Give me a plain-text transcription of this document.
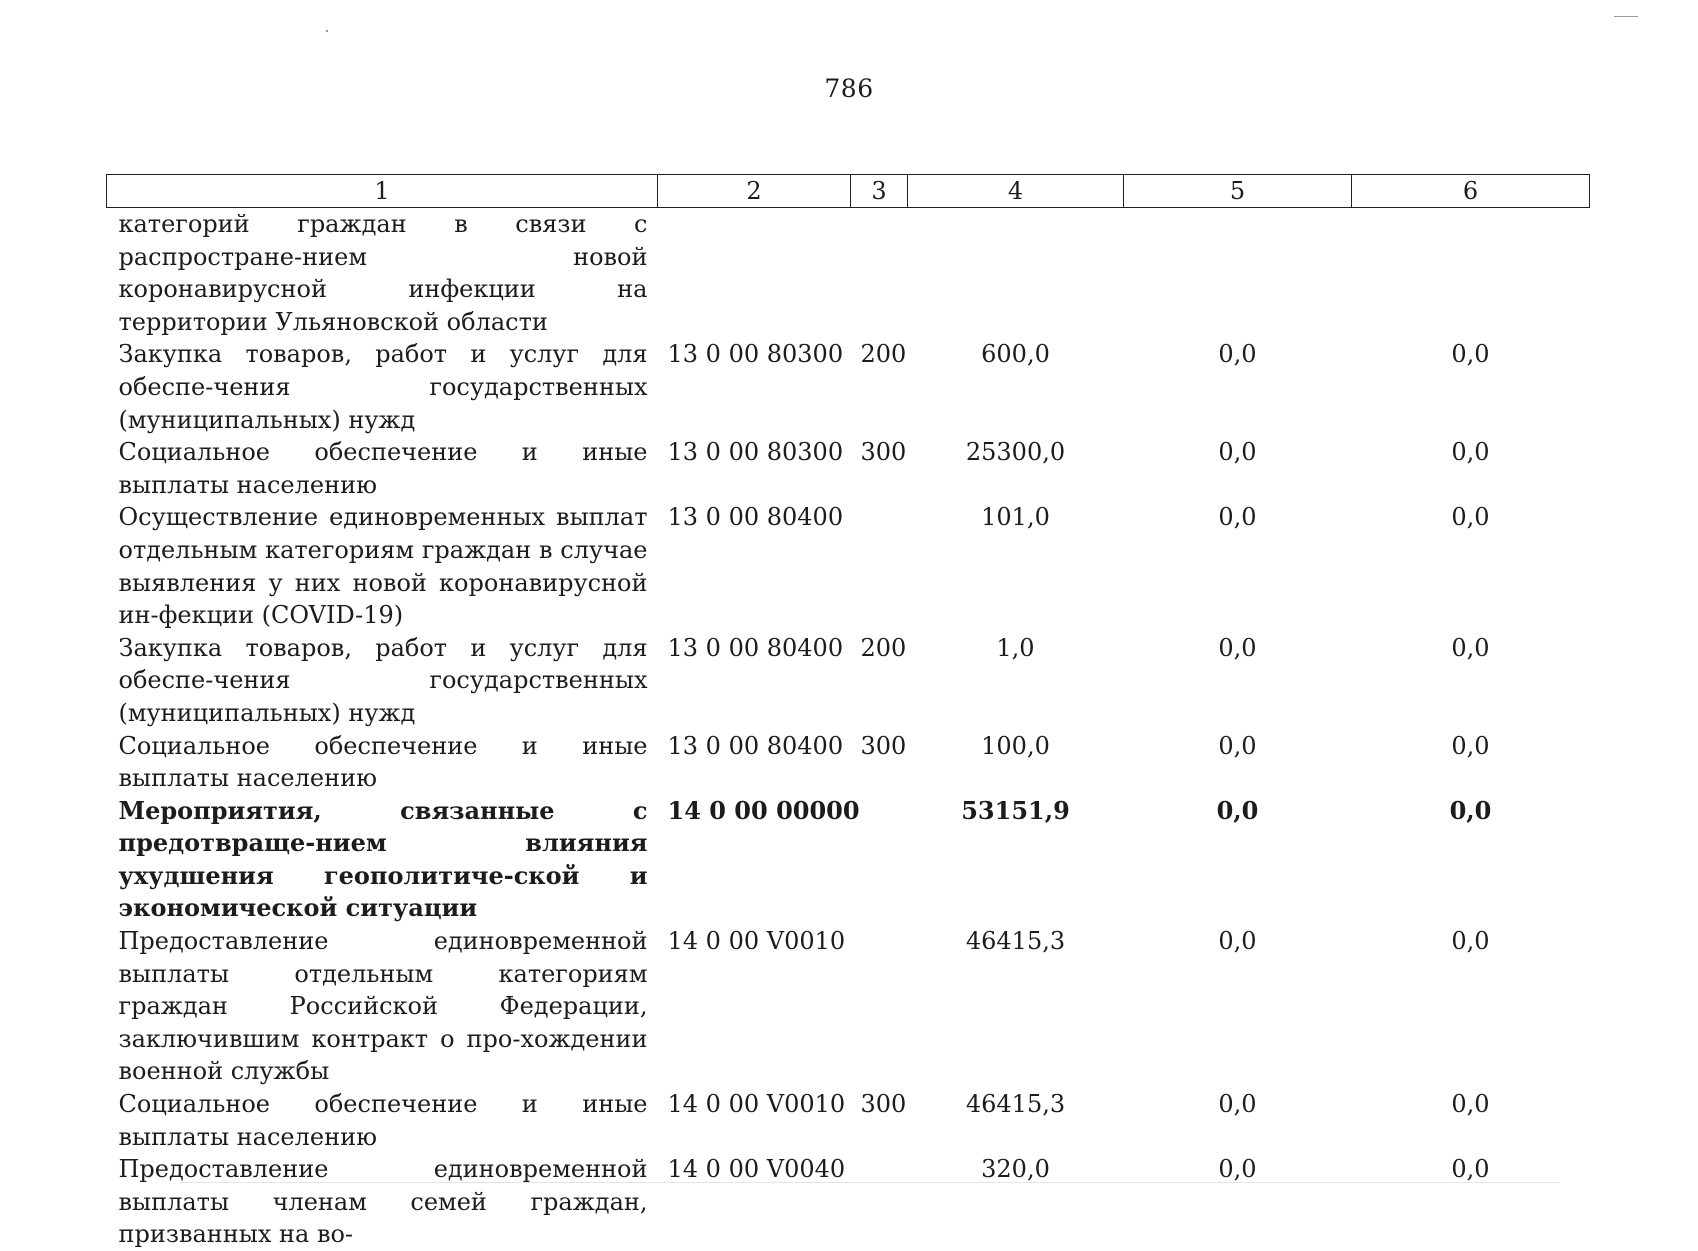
786
1	2	3	4	5	6
категорий граждан в связи с распростране-нием новой коронавирусной инфекции на территории Ульяновской области					
Закупка товаров, работ и услуг для обеспе-чения государственных (муниципальных) нужд	13 0 00 80300	200	600,0	0,0	0,0
Социальное обеспечение и иные выплаты населению	13 0 00 80300	300	25300,0	0,0	0,0
Осуществление единовременных выплат отдельным категориям граждан в случае выявления у них новой коронавирусной ин-фекции (COVID-19)	13 0 00 80400		101,0	0,0	0,0
Закупка товаров, работ и услуг для обеспе-чения государственных (муниципальных) нужд	13 0 00 80400	200	1,0	0,0	0,0
Социальное обеспечение и иные выплаты населению	13 0 00 80400	300	100,0	0,0	0,0
Мероприятия, связанные с предотвраще-нием влияния ухудшения геополитиче-ской и экономической ситуации	14 0 00 00000		53151,9	0,0	0,0
Предоставление единовременной выплаты отдельным категориям граждан Российской Федерации, заключившим контракт о про-хождении военной службы	14 0 00 V0010		46415,3	0,0	0,0
Социальное обеспечение и иные выплаты населению	14 0 00 V0010	300	46415,3	0,0	0,0
Предоставление единовременной выплаты членам семей граждан, призванных на во-	14 0 00 V0040		320,0	0,0	0,0
